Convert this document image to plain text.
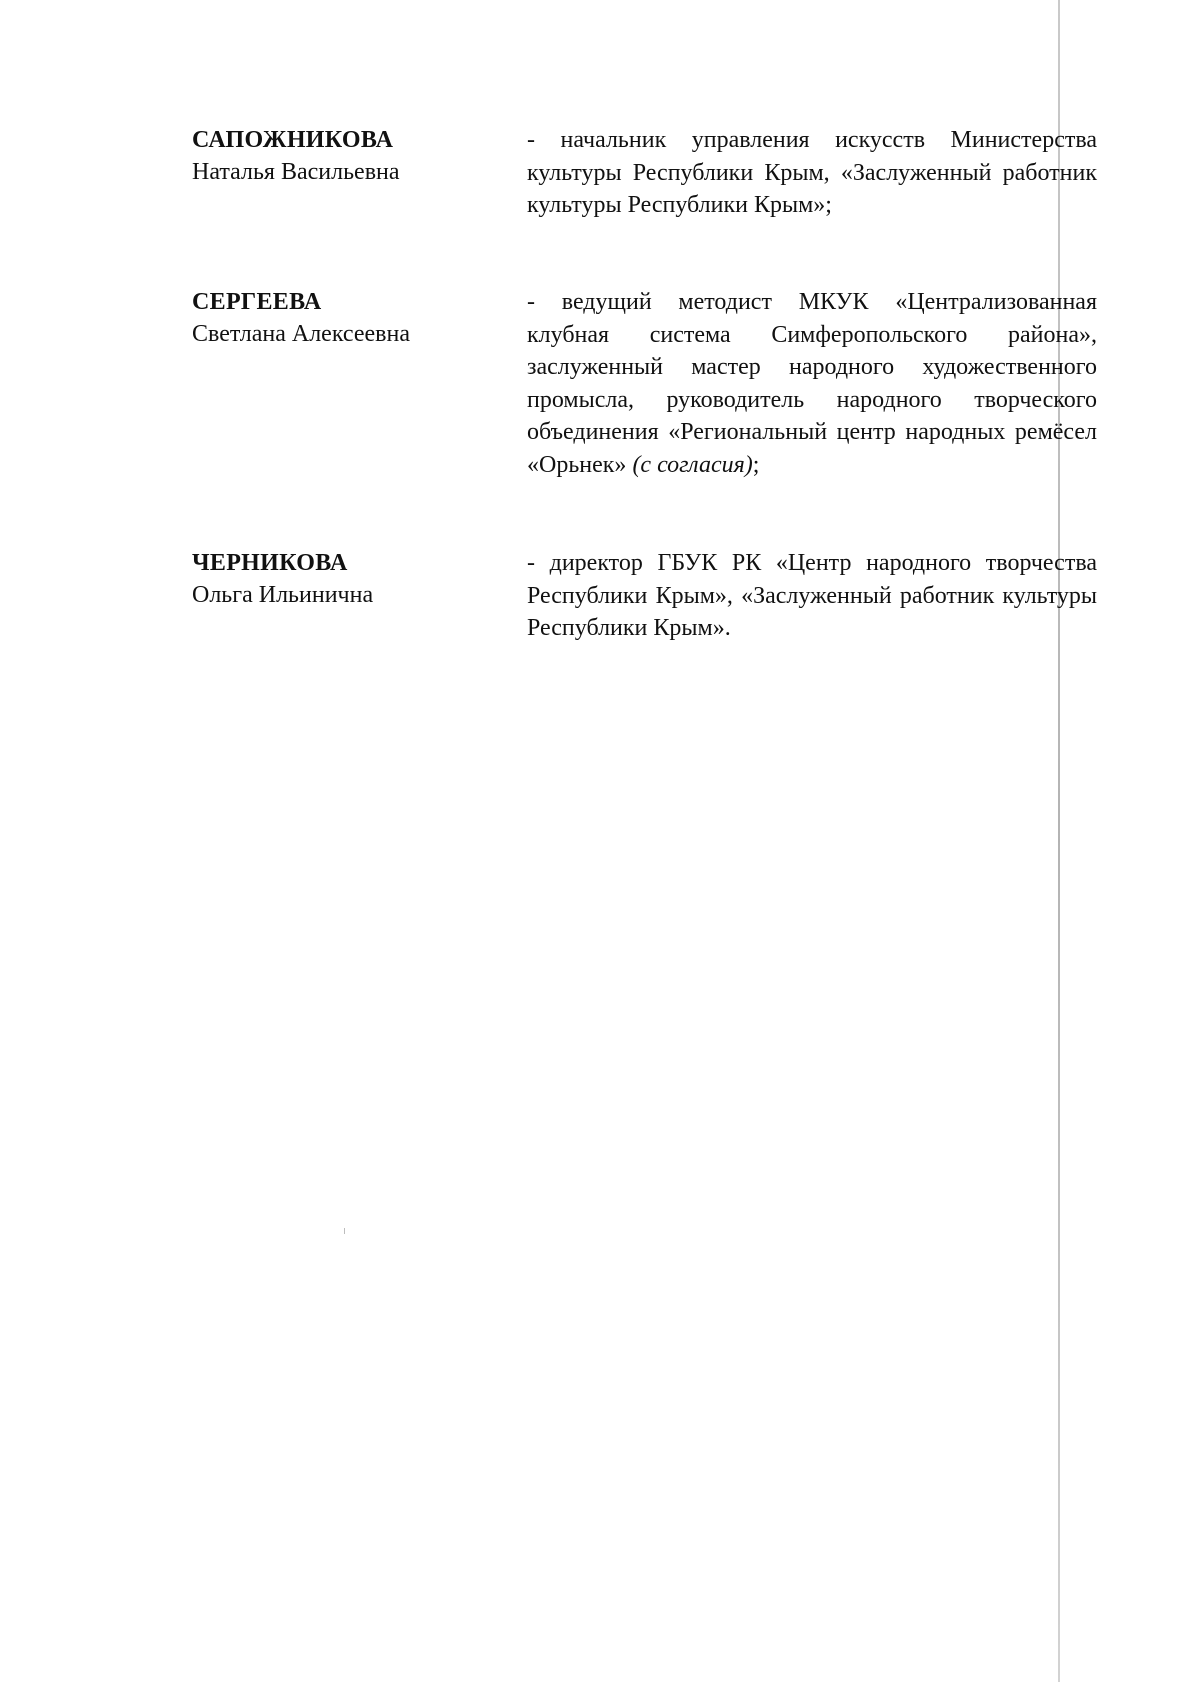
САПОЖНИКОВА
Наталья Васильевна
- начальник управления искусств Министерства культуры Республики Крым, «Заслуженный работник культуры Республики Крым»;
СЕРГЕЕВА
Светлана Алексеевна
- ведущий методист МКУК «Централизованная клубная система Симферопольского района», заслуженный мастер народного художественного промысла, руководитель народного творческого объединения «Региональный центр народных ремёсел «Орьнек» (с согласия);
ЧЕРНИКОВА
Ольга Ильинична
- директор ГБУК РК «Центр народного творчества Республики Крым», «Заслуженный работник культуры Республики Крым».
